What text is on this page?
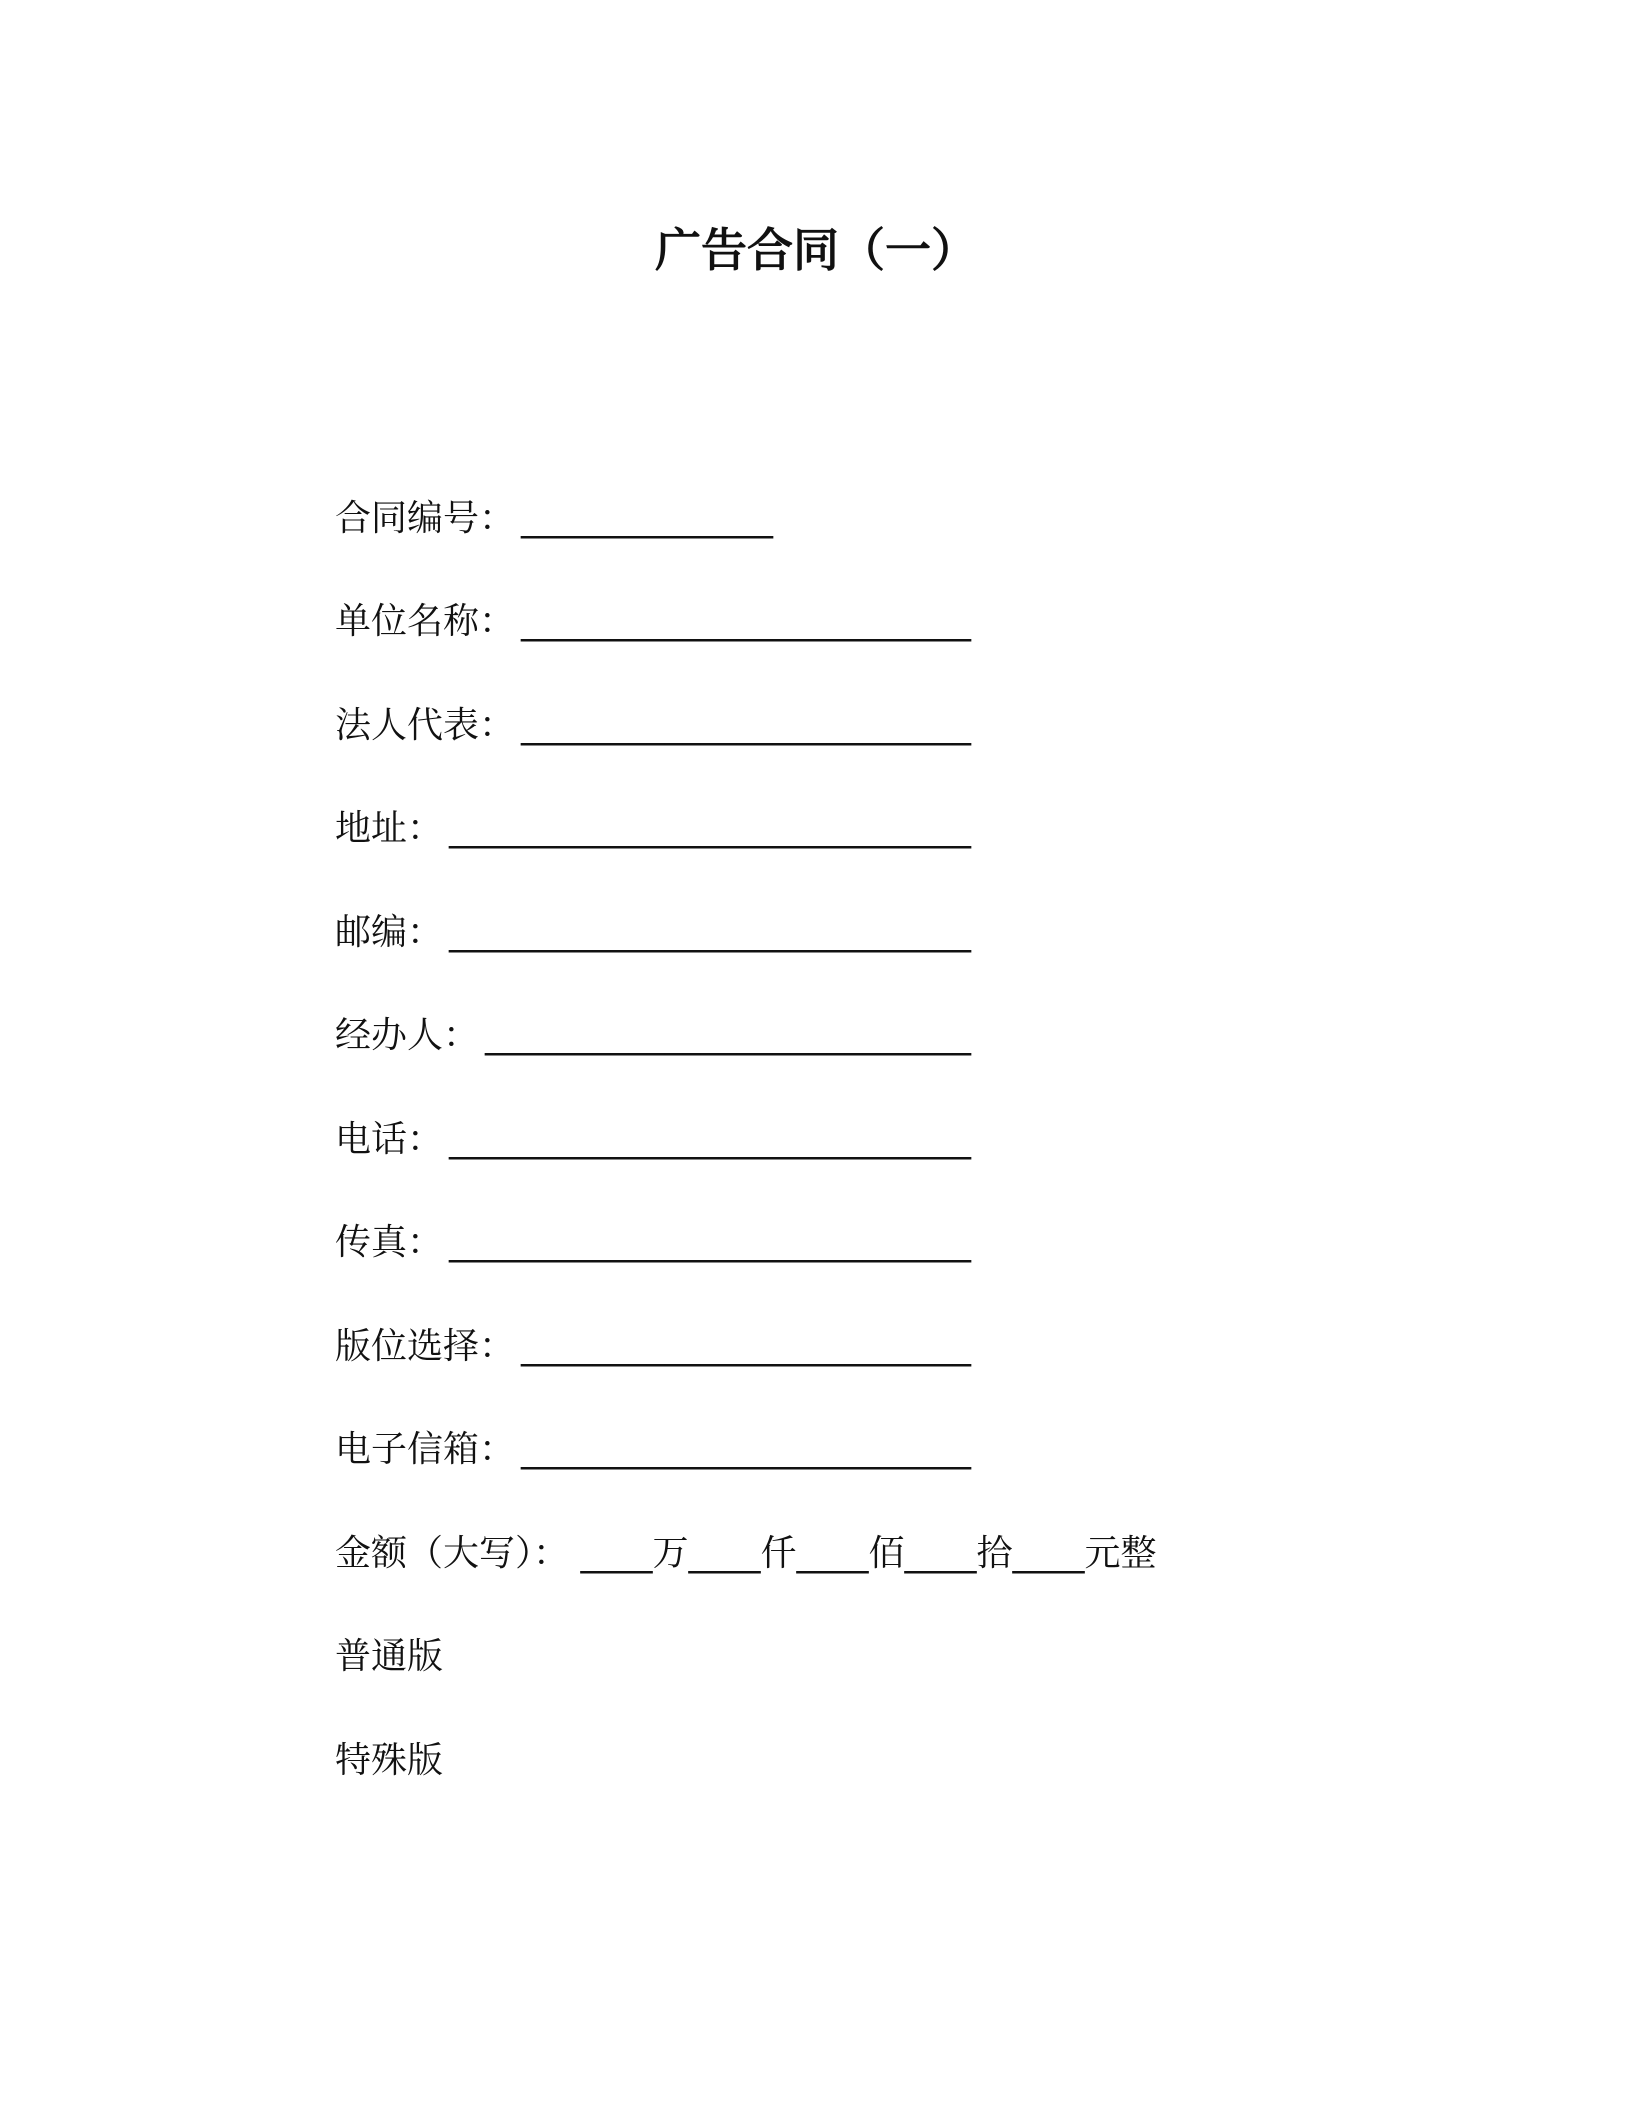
广告合同（一）
合同编号： ______________
单位名称： _________________________
法人代表： _________________________
地址： _____________________________
邮编： _____________________________
经办人： ___________________________
电话： _____________________________
传真： _____________________________
版位选择： _________________________
电子信箱： _________________________
金额（大写）： ____万____仟____佰____拾____元整
普通版
特殊版
